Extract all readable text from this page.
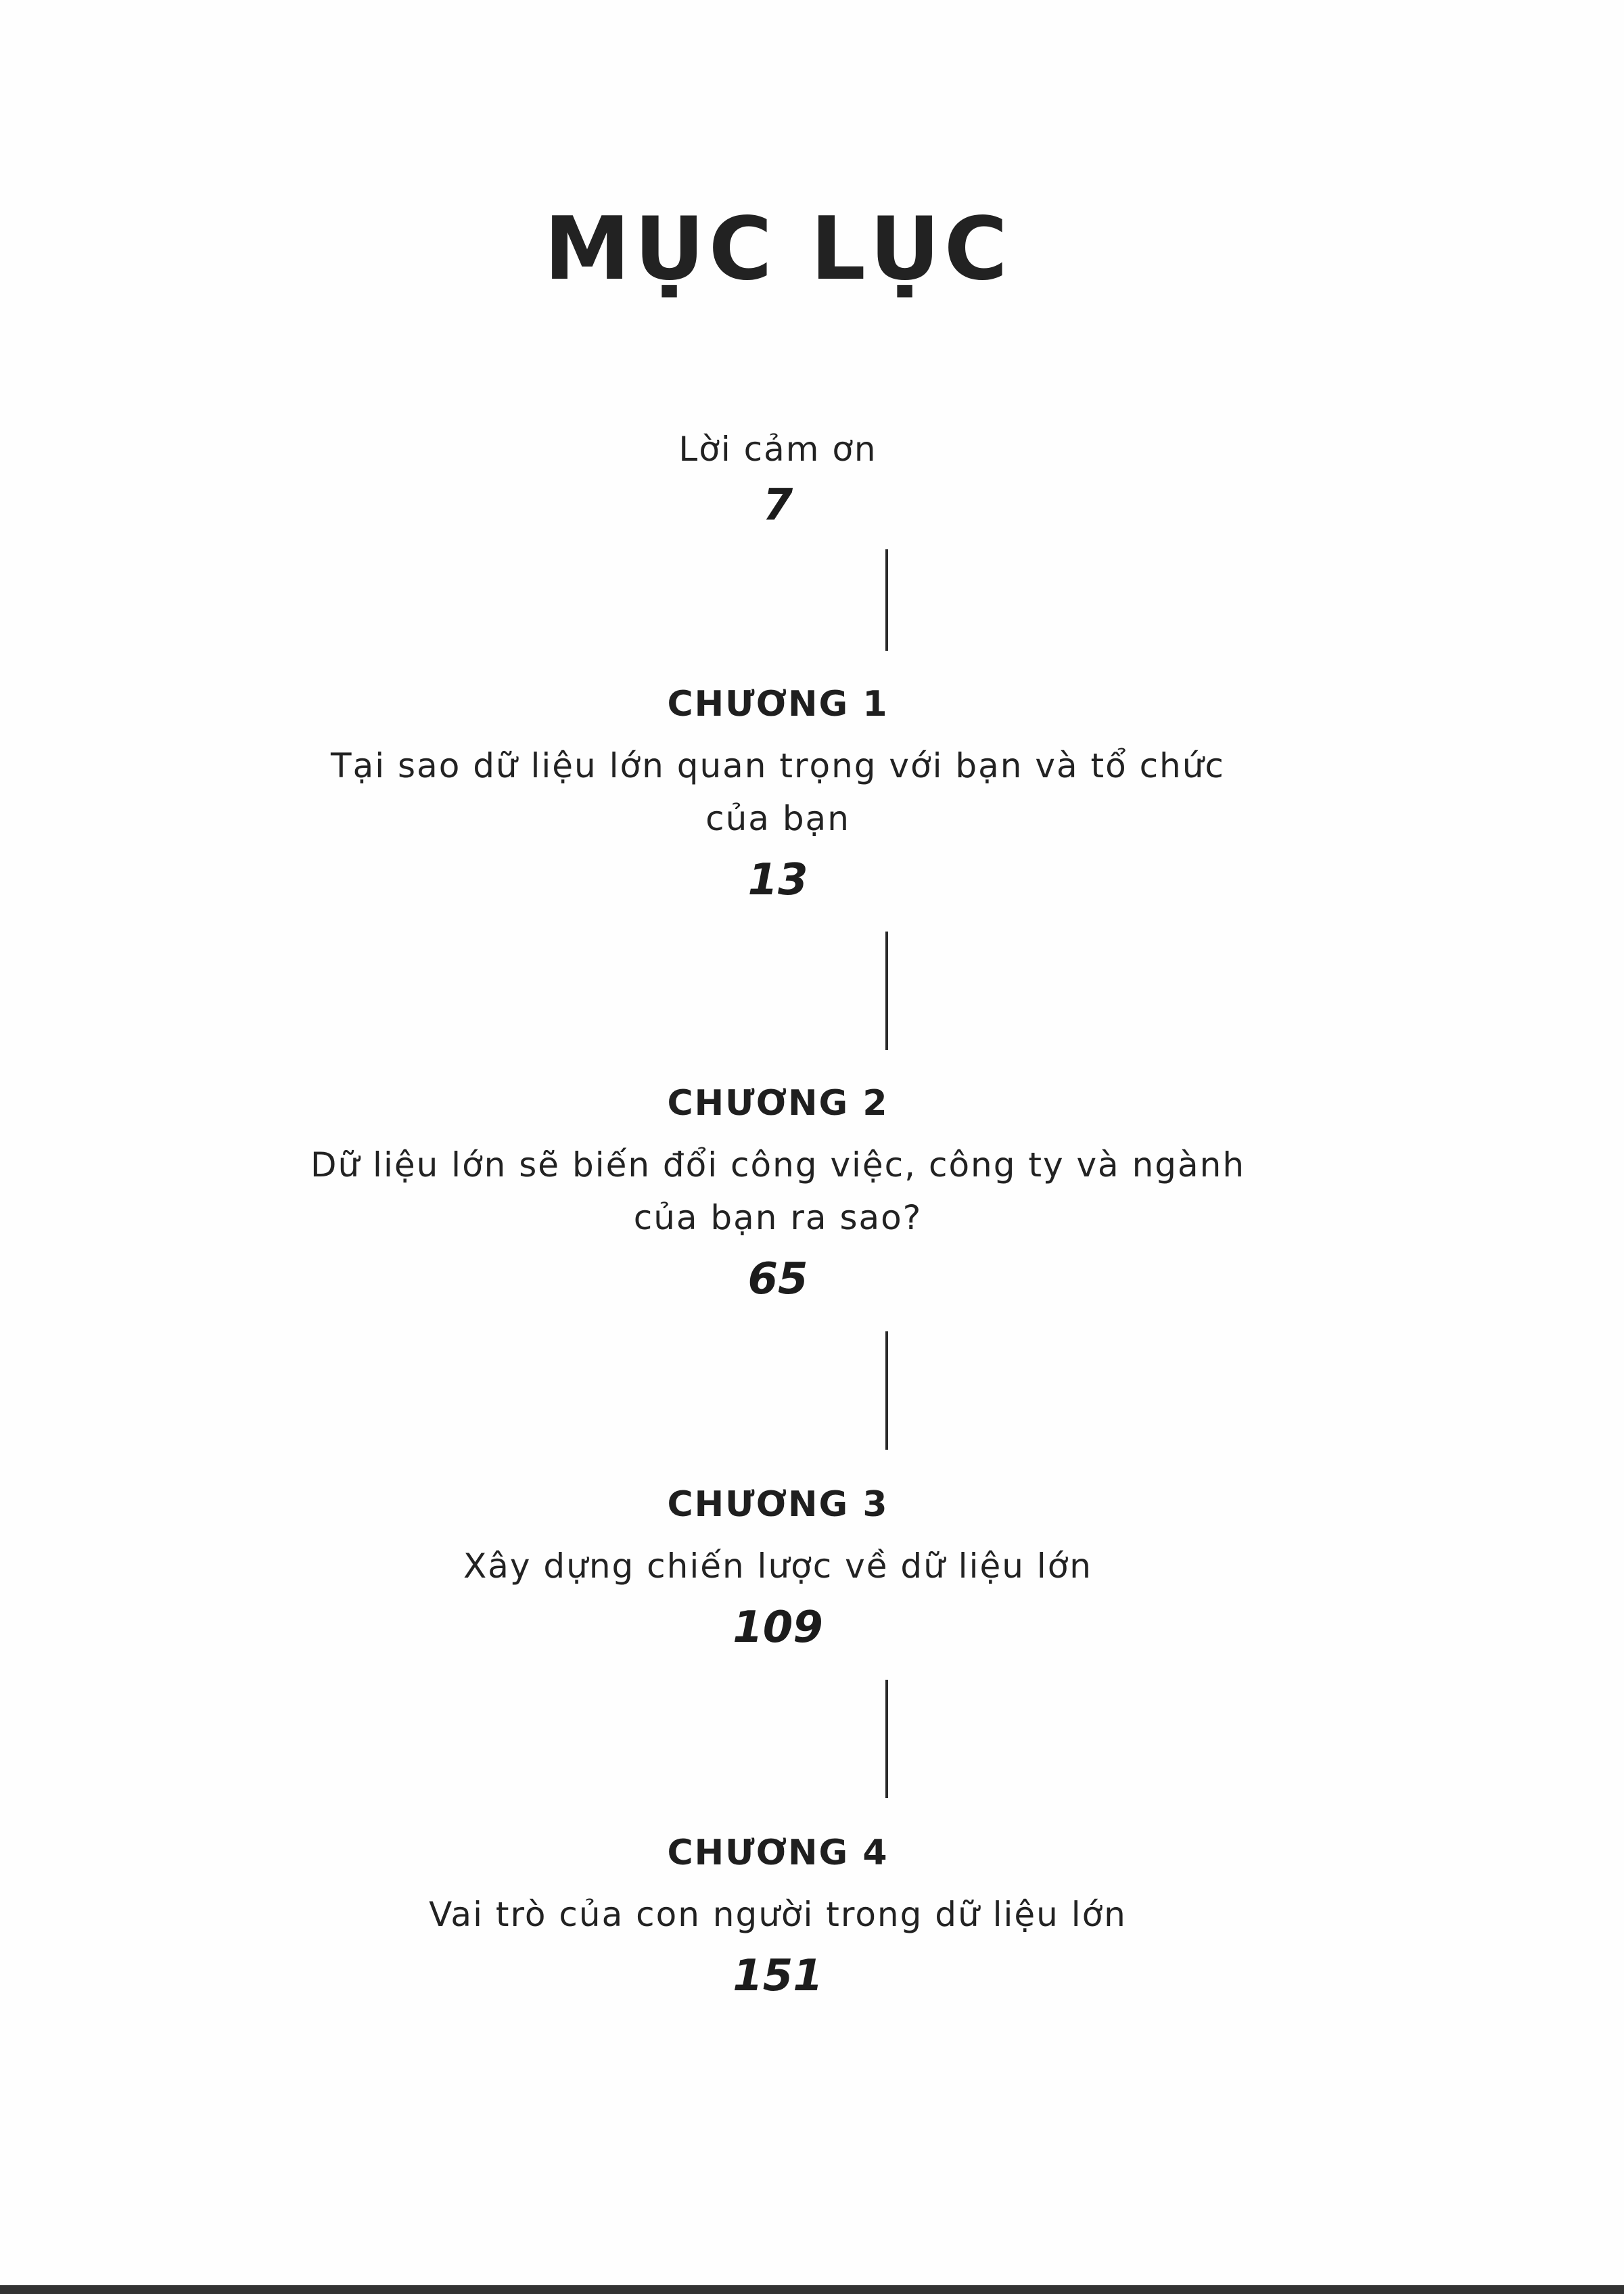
MỤC LỤC
Lời cảm ơn
7
CHƯƠNG 1
Tại sao dữ liệu lớn quan trọng với bạn và tổ chức
của bạn
13
CHƯƠNG 2
Dữ liệu lớn sẽ biến đổi công việc, công ty và ngành
của bạn ra sao?
65
CHƯƠNG 3
Xây dựng chiến lược về dữ liệu lớn
109
CHƯƠNG 4
Vai trò của con người trong dữ liệu lớn
151
